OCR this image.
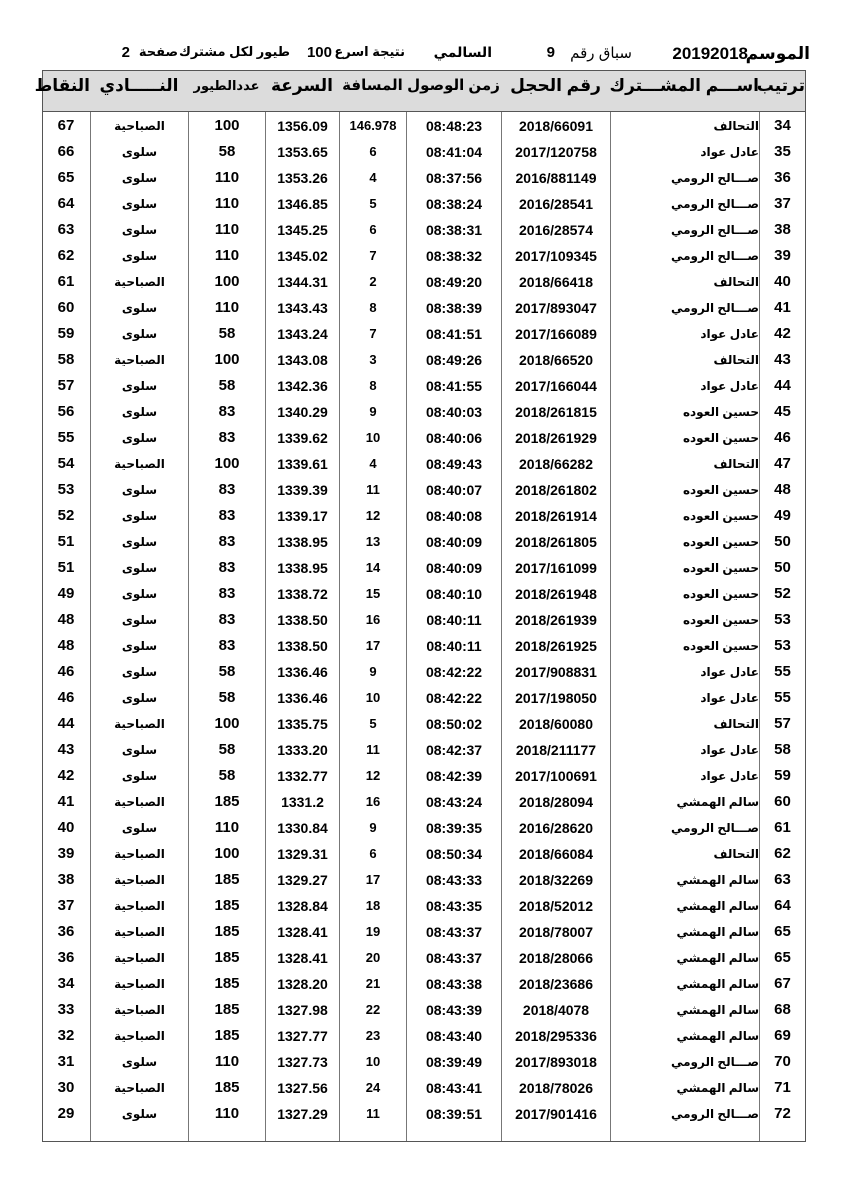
الموسم
20192018
سباق رقم
9
السالمي
نتيجة اسرع
100
طيور لكل مشترك
صفحة
2
ترتيب
اســـم المشـــترك
رقم الحجل
زمن الوصول
المسافة
السرعة
عددالطيور
النـــــادي
النقاط
34
التحالف
2018/66091
08:48:23
146.978
1356.09
100
الصباحية
67
35
عادل عواد
2017/120758
08:41:04
6
1353.65
58
سلوى
66
36
صـــالح الرومي
2016/881149
08:37:56
4
1353.26
110
سلوى
65
37
صـــالح الرومي
2016/28541
08:38:24
5
1346.85
110
سلوى
64
38
صـــالح الرومي
2016/28574
08:38:31
6
1345.25
110
سلوى
63
39
صـــالح الرومي
2017/109345
08:38:32
7
1345.02
110
سلوى
62
40
التحالف
2018/66418
08:49:20
2
1344.31
100
الصباحية
61
41
صـــالح الرومي
2017/893047
08:38:39
8
1343.43
110
سلوى
60
42
عادل عواد
2017/166089
08:41:51
7
1343.24
58
سلوى
59
43
التحالف
2018/66520
08:49:26
3
1343.08
100
الصباحية
58
44
عادل عواد
2017/166044
08:41:55
8
1342.36
58
سلوى
57
45
حسين العوده
2018/261815
08:40:03
9
1340.29
83
سلوى
56
46
حسين العوده
2018/261929
08:40:06
10
1339.62
83
سلوى
55
47
التحالف
2018/66282
08:49:43
4
1339.61
100
الصباحية
54
48
حسين العوده
2018/261802
08:40:07
11
1339.39
83
سلوى
53
49
حسين العوده
2018/261914
08:40:08
12
1339.17
83
سلوى
52
50
حسين العوده
2018/261805
08:40:09
13
1338.95
83
سلوى
51
50
حسين العوده
2017/161099
08:40:09
14
1338.95
83
سلوى
51
52
حسين العوده
2018/261948
08:40:10
15
1338.72
83
سلوى
49
53
حسين العوده
2018/261939
08:40:11
16
1338.50
83
سلوى
48
53
حسين العوده
2018/261925
08:40:11
17
1338.50
83
سلوى
48
55
عادل عواد
2017/908831
08:42:22
9
1336.46
58
سلوى
46
55
عادل عواد
2017/198050
08:42:22
10
1336.46
58
سلوى
46
57
التحالف
2018/60080
08:50:02
5
1335.75
100
الصباحية
44
58
عادل عواد
2018/211177
08:42:37
11
1333.20
58
سلوى
43
59
عادل عواد
2017/100691
08:42:39
12
1332.77
58
سلوى
42
60
سالم الهمشي
2018/28094
08:43:24
16
1331.2
185
الصباحية
41
61
صـــالح الرومي
2016/28620
08:39:35
9
1330.84
110
سلوى
40
62
التحالف
2018/66084
08:50:34
6
1329.31
100
الصباحية
39
63
سالم الهمشي
2018/32269
08:43:33
17
1329.27
185
الصباحية
38
64
سالم الهمشي
2018/52012
08:43:35
18
1328.84
185
الصباحية
37
65
سالم الهمشي
2018/78007
08:43:37
19
1328.41
185
الصباحية
36
65
سالم الهمشي
2018/28066
08:43:37
20
1328.41
185
الصباحية
36
67
سالم الهمشي
2018/23686
08:43:38
21
1328.20
185
الصباحية
34
68
سالم الهمشي
2018/4078
08:43:39
22
1327.98
185
الصباحية
33
69
سالم الهمشي
2018/295336
08:43:40
23
1327.77
185
الصباحية
32
70
صـــالح الرومي
2017/893018
08:39:49
10
1327.73
110
سلوى
31
71
سالم الهمشي
2018/78026
08:43:41
24
1327.56
185
الصباحية
30
72
صـــالح الرومي
2017/901416
08:39:51
11
1327.29
110
سلوى
29
